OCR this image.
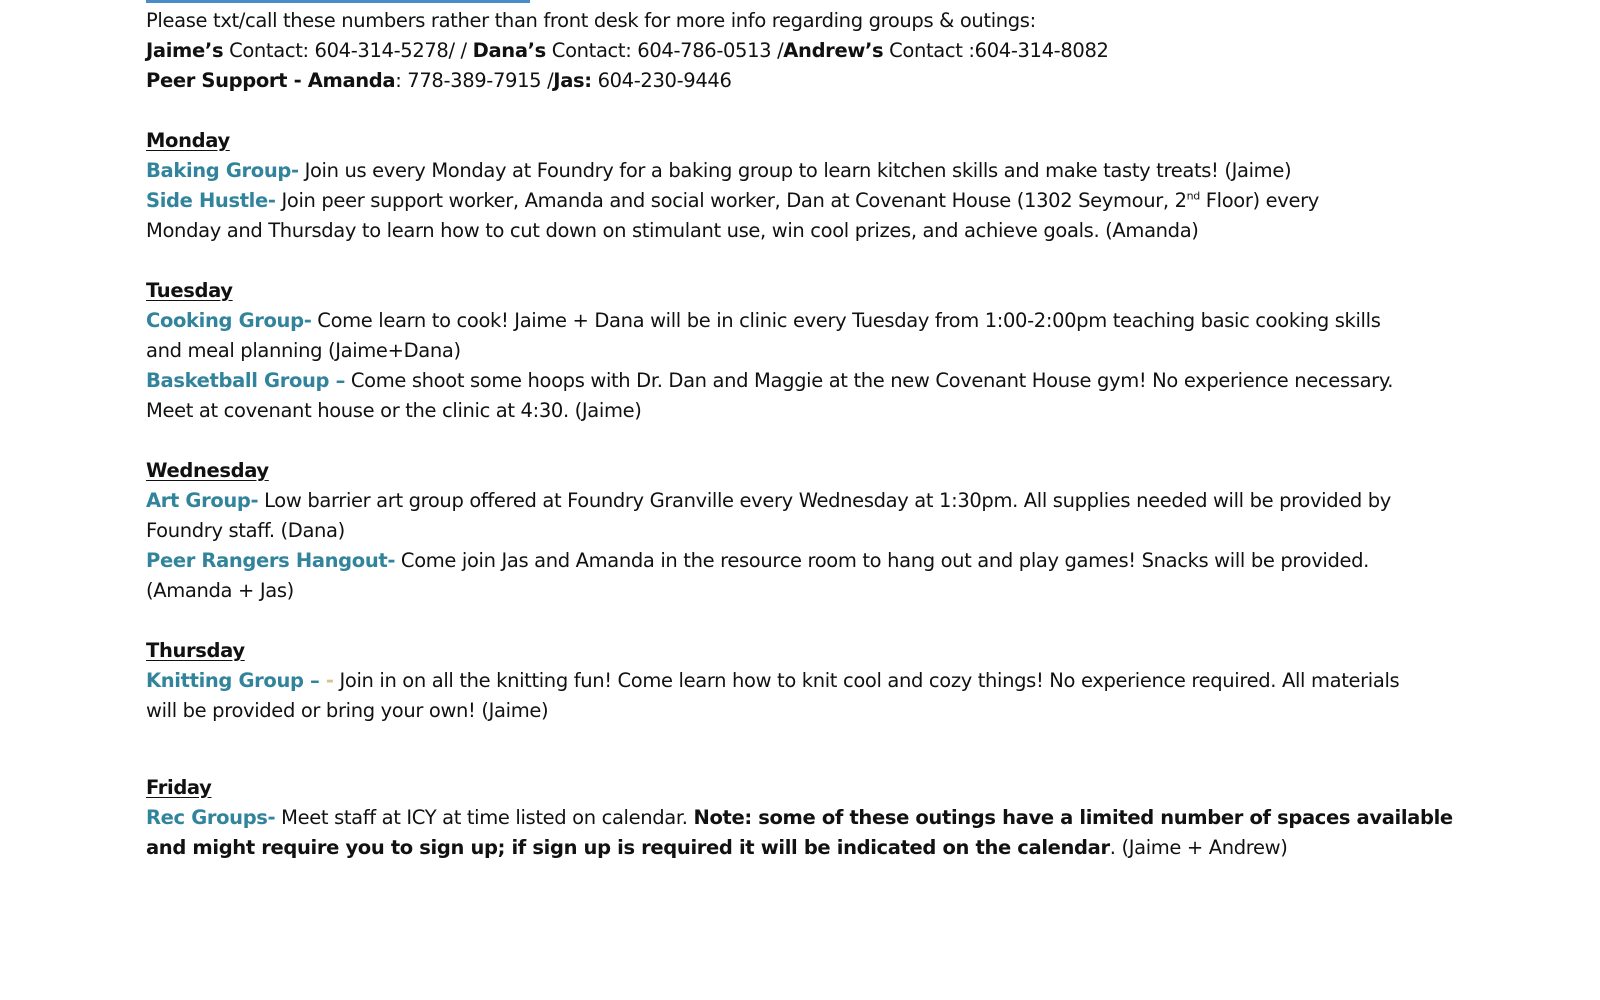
Please txt/call these numbers rather than front desk for more info regarding groups & outings:
Jaime’s Contact: 604-314-5278/ / Dana’s Contact: 604-786-0513 /Andrew’s Contact :604-314-8082
Peer Support - Amanda: 778-389-7915 /Jas: 604-230-9446
Monday
Baking Group- Join us every Monday at Foundry for a baking group to learn kitchen skills and make tasty treats! (Jaime)
Side Hustle- Join peer support worker, Amanda and social worker, Dan at Covenant House (1302 Seymour, 2nd Floor) every
Monday and Thursday to learn how to cut down on stimulant use, win cool prizes, and achieve goals. (Amanda)
Tuesday
Cooking Group- Come learn to cook! Jaime + Dana will be in clinic every Tuesday from 1:00-2:00pm teaching basic cooking skills
and meal planning (Jaime+Dana)
Basketball Group – Come shoot some hoops with Dr. Dan and Maggie at the new Covenant House gym! No experience necessary.
Meet at covenant house or the clinic at 4:30. (Jaime)
Wednesday
Art Group- Low barrier art group offered at Foundry Granville every Wednesday at 1:30pm. All supplies needed will be provided by
Foundry staff. (Dana)
Peer Rangers Hangout- Come join Jas and Amanda in the resource room to hang out and play games! Snacks will be provided.
(Amanda + Jas)
Thursday
Knitting Group – - Join in on all the knitting fun! Come learn how to knit cool and cozy things! No experience required. All materials
will be provided or bring your own! (Jaime)
Friday
Rec Groups- Meet staff at ICY at time listed on calendar. Note: some of these outings have a limited number of spaces available
and might require you to sign up; if sign up is required it will be indicated on the calendar. (Jaime + Andrew)
